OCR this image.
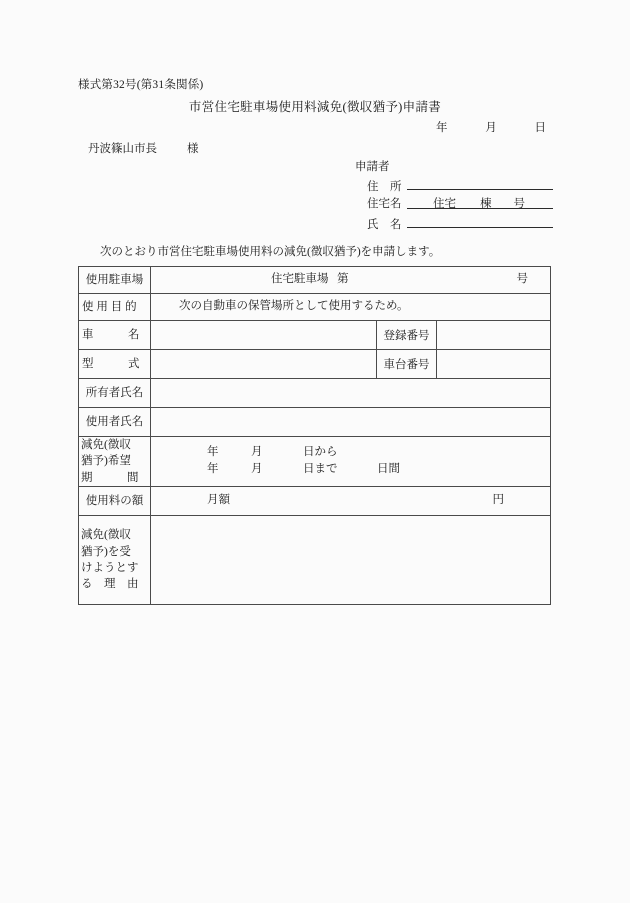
様式第32号(第31条関係)
市営住宅駐車場使用料減免(徴収猶予)申請書
年	月	日
丹波篠山市長	様
申請者
住　所
住宅名	住宅 棟 号
氏　名
次のとおり市営住宅駐車場使用料の減免(徴収猶予)を申請します。
使用駐車場	住宅駐車場 第 号		

使 用 目 的	次の自動車の保管場所として使用するため。		

車　　　名		登録番号	

型　　　式		車台番号	
所有者氏名			
使用者氏名			

減免(徴収
猶予)希望
期　　　間	年 月 日から
年 月 日まで 日間		

使用料の額	月額 円		

減免(徴収
猶予)を受
けようとす
る　理　由			
